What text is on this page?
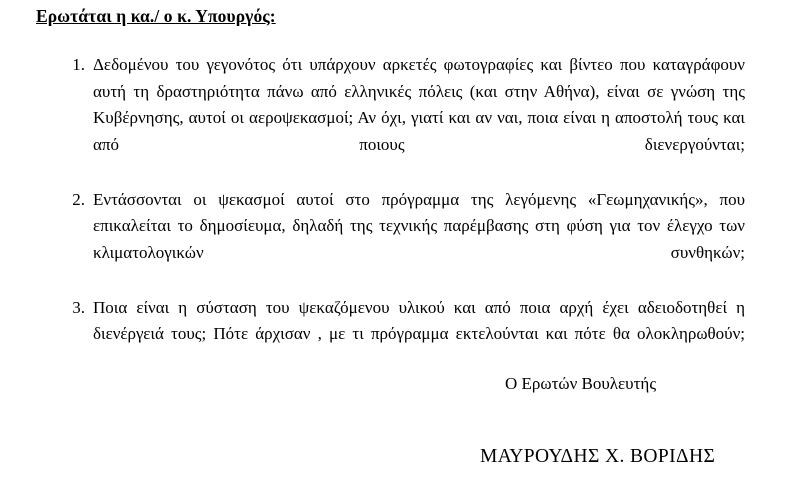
Ερωτάται η κα./ ο κ. Υπουργός:
1. Δεδομένου του γεγονότος ότι υπάρχουν αρκετές φωτογραφίες και βίντεο που καταγράφουν αυτή τη δραστηριότητα πάνω από ελληνικές πόλεις (και στην Αθήνα), είναι σε γνώση της Κυβέρνησης, αυτοί οι αεροψεκασμοί; Αν όχι, γιατί και αν ναι, ποια είναι η αποστολή τους και από ποιους διενεργούνται;
2. Εντάσσονται οι ψεκασμοί αυτοί στο πρόγραμμα της λεγόμενης «Γεωμηχανικής», που επικαλείται το δημοσίευμα, δηλαδή της τεχνικής παρέμβασης στη φύση για τον έλεγχο των κλιματολογικών συνθηκών;
3. Ποια είναι η σύσταση του ψεκαζόμενου υλικού και από ποια αρχή έχει αδειοδοτηθεί η διενέργειά τους; Πότε άρχισαν , με τι πρόγραμμα εκτελούνται και πότε θα ολοκληρωθούν;
Ο Ερωτών Βουλευτής
ΜΑΥΡΟΥΔΗΣ Χ. ΒΟΡΙΔΗΣ
